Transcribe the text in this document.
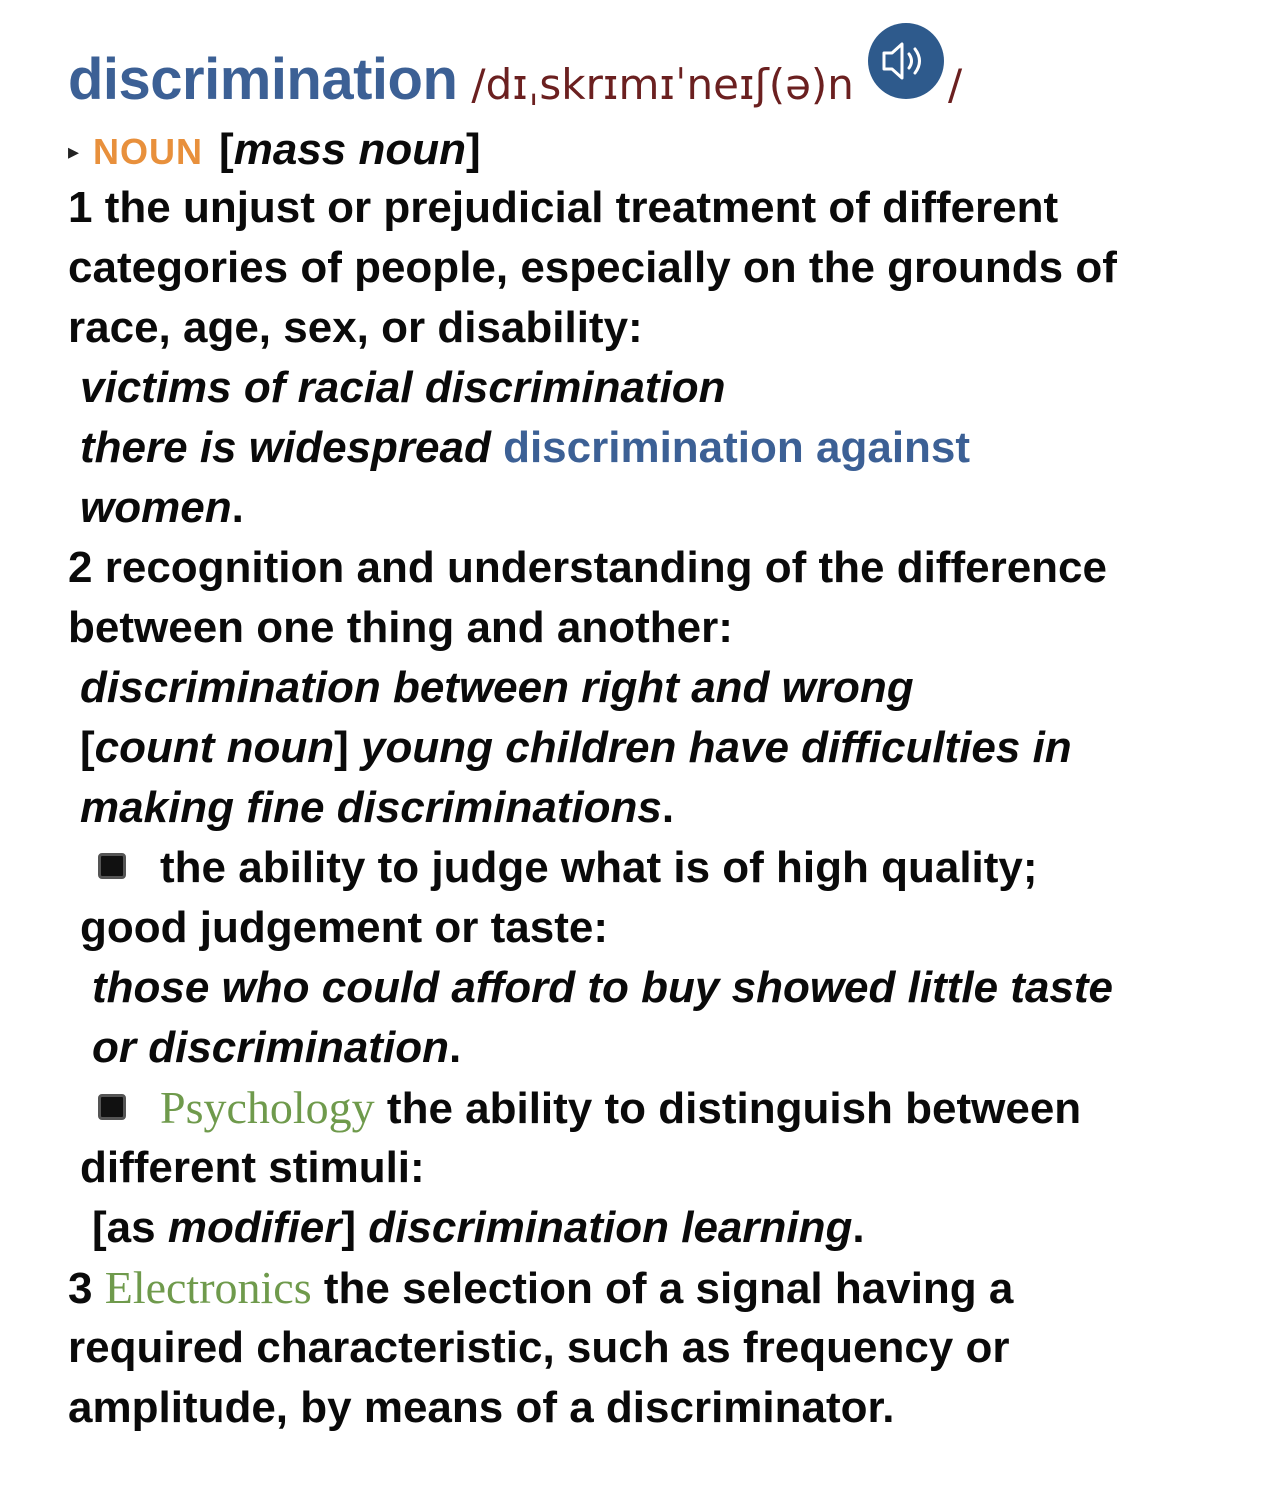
discrimination /dɪˌskrɪmɪˈneɪʃ(ə)n /
▸ NOUN [mass noun]
1 the unjust or prejudicial treatment of different
categories of people, especially on the grounds of
race, age, sex, or disability:
victims of racial discrimination
there is widespread discrimination against
women.
2 recognition and understanding of the difference
between one thing and another:
discrimination between right and wrong
[count noun] young children have difficulties in
making fine discriminations.
the ability to judge what is of high quality;
good judgement or taste:
those who could afford to buy showed little taste
or discrimination.
Psychology the ability to distinguish between
different stimuli:
[as modifier] discrimination learning.
3 Electronics the selection of a signal having a
required characteristic, such as frequency or
amplitude, by means of a discriminator.
